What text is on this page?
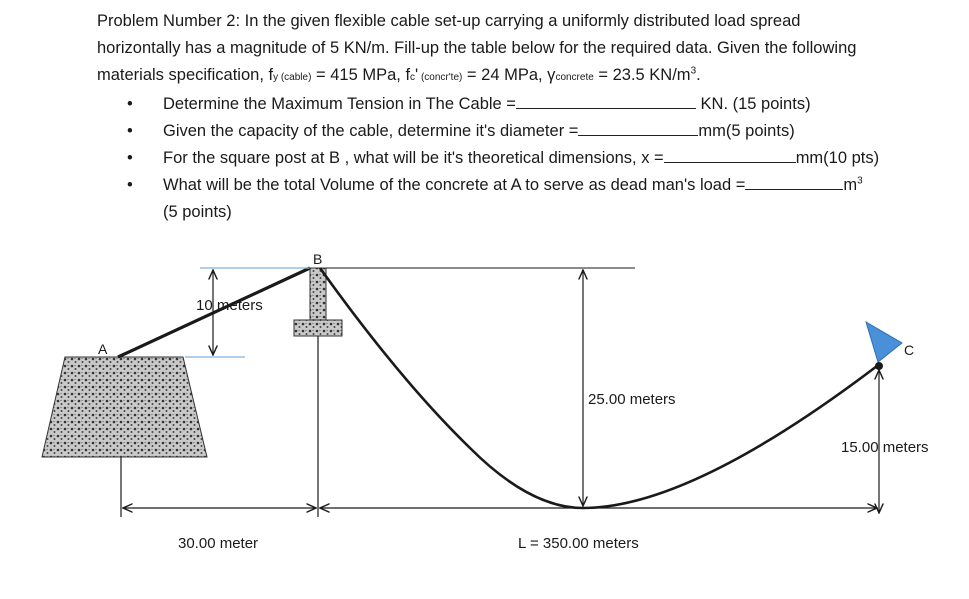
Problem Number 2: In the given flexible cable set-up carrying a uniformly distributed load spread

horizontally has a magnitude of 5 KN/m. Fill-up the table below for the required data. Given the following

materials specification, fy (cable) = 415 MPa, fc' (concr'te) = 24 MPa, γconcrete = 23.5 $KN/m^3$.

• Determine the Maximum Tension in The Cable =	KN. (15 points)
• Given the capacity of the cable, determine it's diameter =	mm(5 points)
• For the square post at B , what will be it's theoretical dimensions, x =	mm(10 pts)
• What will be the total Volume of the concrete at A to serve as dead man's load =	$m^3$
(5 points)
10 meters
B
A
25.00 meters
C
15.00 meters
30.00 meter	L = 350.00 meters
